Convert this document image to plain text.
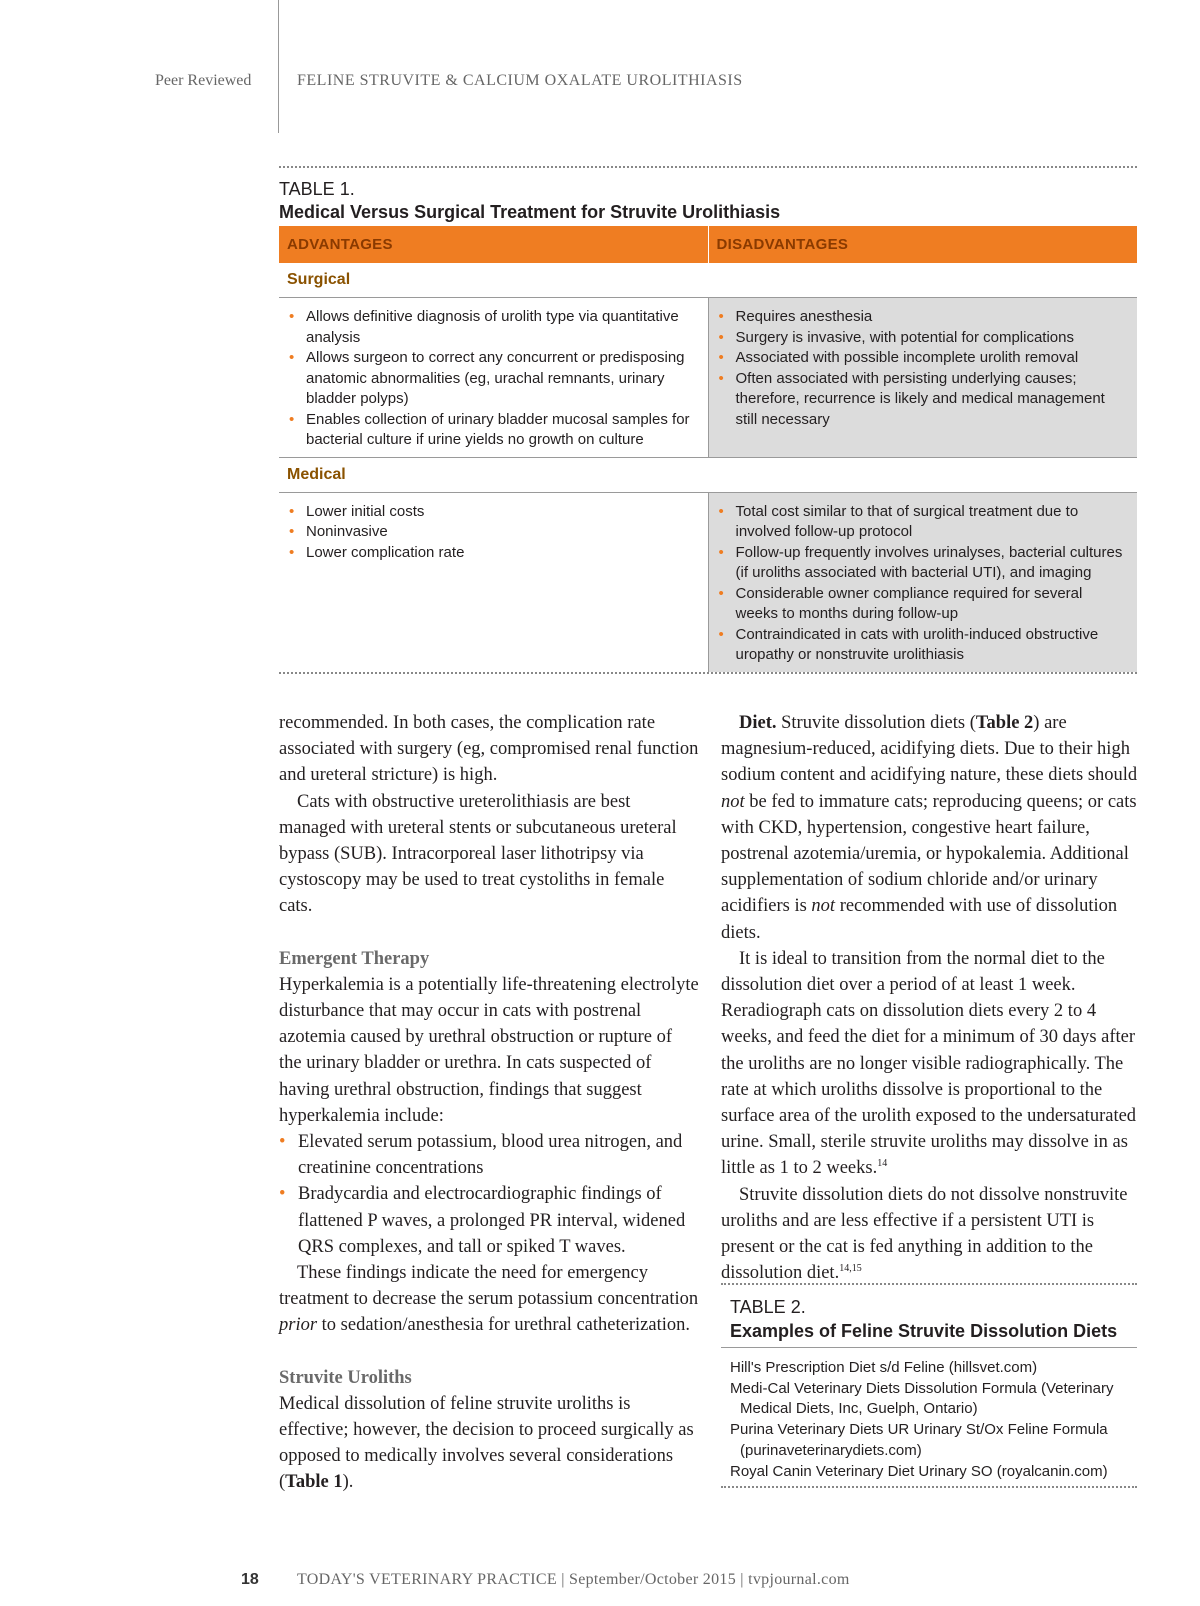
Peer Reviewed	FELINE STRUVITE & CALCIUM OXALATE UROLITHIASIS
TABLE 1.
Medical Versus Surgical Treatment for Struvite Urolithiasis
ADVANTAGES	DISADVANTAGES
Surgical
• Allows definitive diagnosis of urolith type via quantitative analysis
• Allows surgeon to correct any concurrent or predisposing anatomic abnormalities (eg, urachal remnants, urinary bladder polyps)
• Enables collection of urinary bladder mucosal samples for bacterial culture if urine yields no growth on culture
• Requires anesthesia
• Surgery is invasive, with potential for complications
• Associated with possible incomplete urolith removal
• Often associated with persisting underlying causes; therefore, recurrence is likely and medical management still necessary
Medical
• Lower initial costs
• Noninvasive
• Lower complication rate
• Total cost similar to that of surgical treatment due to involved follow-up protocol
• Follow-up frequently involves urinalyses, bacterial cultures (if uroliths associated with bacterial UTI), and imaging
• Considerable owner compliance required for several weeks to months during follow-up
• Contraindicated in cats with urolith-induced obstructive uropathy or nonstruvite urolithiasis

recommended. In both cases, the complication rate associated with surgery (eg, compromised renal function and ureteral stricture) is high.

Cats with obstructive ureterolithiasis are best managed with ureteral stents or subcutaneous ureteral bypass (SUB). Intracorporeal laser lithotripsy via cystoscopy may be used to treat cystoliths in female cats.

Emergent Therapy

Hyperkalemia is a potentially life-threatening electrolyte disturbance that may occur in cats with postrenal azotemia caused by urethral obstruction or rupture of the urinary bladder or urethra. In cats suspected of having urethral obstruction, findings that suggest hyperkalemia include:

• Elevated serum potassium, blood urea nitrogen, and creatinine concentrations
• Bradycardia and electrocardiographic findings of flattened P waves, a prolonged PR interval, widened QRS complexes, and tall or spiked T waves.

These findings indicate the need for emergency treatment to decrease the serum potassium concentration prior to sedation/anesthesia for urethral catheterization.

Struvite Uroliths

Medical dissolution of feline struvite uroliths is effective; however, the decision to proceed surgically as opposed to medically involves several considerations (Table 1).

Diet. Struvite dissolution diets (Table 2) are magnesium-reduced, acidifying diets. Due to their high sodium content and acidifying nature, these diets should not be fed to immature cats; reproducing queens; or cats with CKD, hypertension, congestive heart failure, postrenal azotemia/uremia, or hypokalemia. Additional supplementation of sodium chloride and/or urinary acidifiers is not recommended with use of dissolution diets.

It is ideal to transition from the normal diet to the dissolution diet over a period of at least 1 week. Reradiograph cats on dissolution diets every 2 to 4 weeks, and feed the diet for a minimum of 30 days after the uroliths are no longer visible radiographically. The rate at which uroliths dissolve is proportional to the surface area of the urolith exposed to the undersaturated urine. Small, sterile struvite uroliths may dissolve in as little as 1 to 2 weeks.$^{14}$

Struvite dissolution diets do not dissolve nonstruvite uroliths and are less effective if a persistent UTI is present or the cat is fed anything in addition to the dissolution diet.$^{14,15}$

TABLE 2.
Examples of Feline Struvite Dissolution Diets
Hill's Prescription Diet s/d Feline (hillsvet.com)
Medi-Cal Veterinary Diets Dissolution Formula (Veterinary Medical Diets, Inc, Guelph, Ontario)
Purina Veterinary Diets UR Urinary St/Ox Feline Formula (purinaveterinarydiets.com)
Royal Canin Veterinary Diet Urinary SO (royalcanin.com)
18 TODAY'S VETERINARY PRACTICE | September/October 2015 | tvpjournal.com
